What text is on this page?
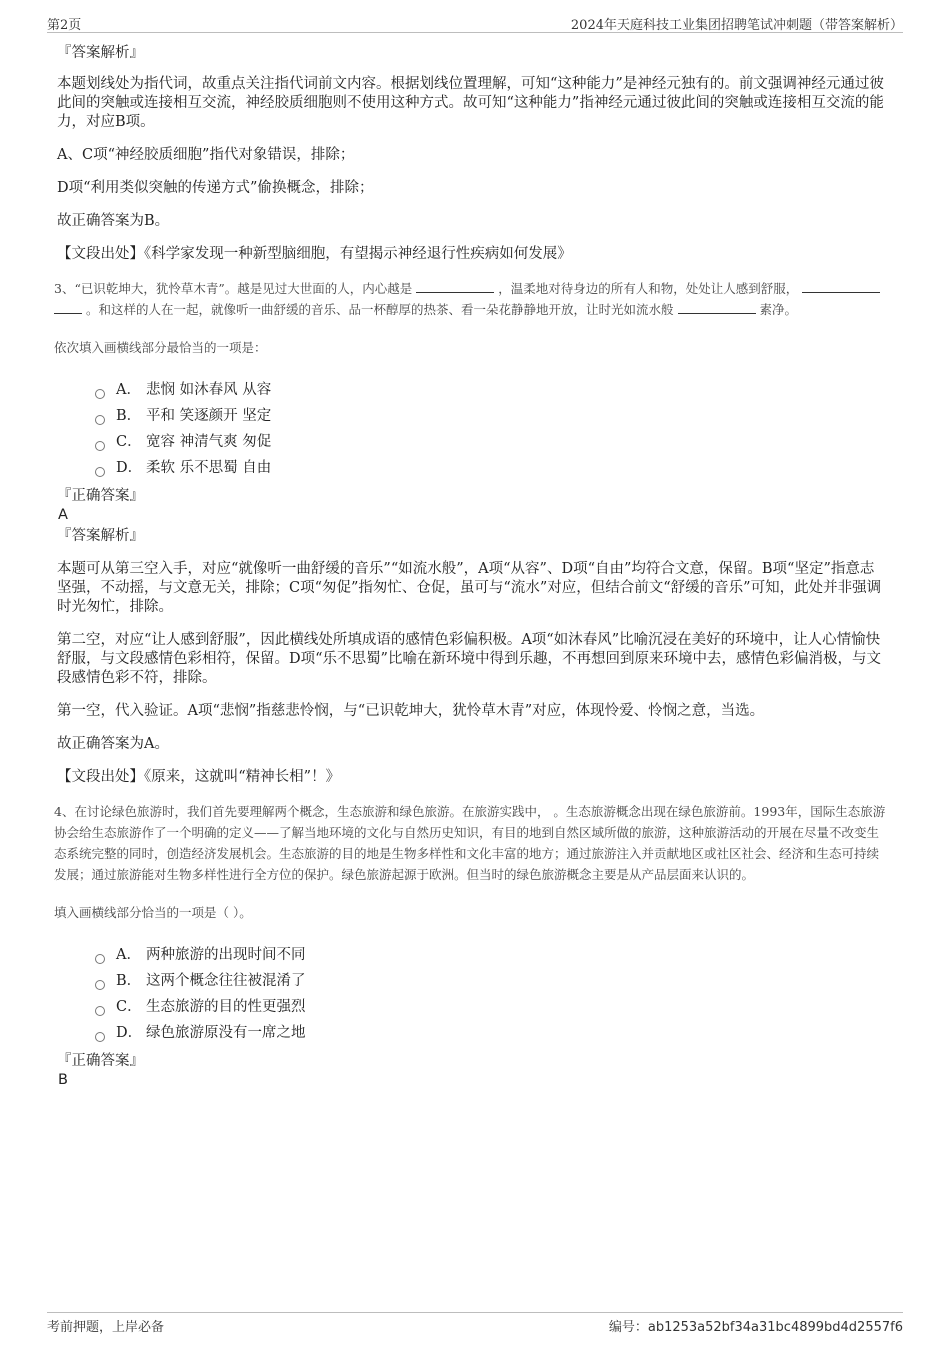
第2页	2024年天庭科技工业集团招聘笔试冲刺题（带答案解析）

『答案解析』

本题划线处为指代词，故重点关注指代词前文内容。根据划线位置理解，可知“这种能力”是神经元独有的。前文强调神经元通过彼此间的突触或连接相互交流，神经胶质细胞则不使用这种方式。故可知“这种能力”指神经元通过彼此间的突触或连接相互交流的能力，对应B项。

A、C项“神经胶质细胞”指代对象错误，排除；

D项“利用类似突触的传递方式”偷换概念，排除；

故正确答案为B。

【文段出处】《科学家发现一种新型脑细胞，有望揭示神经退行性疾病如何发展》

3、“已识乾坤大，犹怜草木青”。越是见过大世面的人，内心越是	，温柔地对待身边的所有人和物，处处让人感到舒服，。和这样的人在一起，就像听一曲舒缓的音乐、品一杯醇厚的热茶、看一朵花静静地开放，让时光如流水般	素净。

依次填入画横线部分最恰当的一项是：

A． 悲悯 如沐春风 从容
B． 平和 笑逐颜开 坚定
C． 宽容 神清气爽 匆促
D． 柔软 乐不思蜀 自由

『正确答案』

A

『答案解析』

本题可从第三空入手，对应“就像听一曲舒缓的音乐”“如流水般”，A项“从容”、D项“自由”均符合文意，保留。B项“坚定”指意志坚强，不动摇，与文意无关，排除；C项“匆促”指匆忙、仓促，虽可与“流水”对应，但结合前文“舒缓的音乐”可知，此处并非强调时光匆忙，排除。

第二空，对应“让人感到舒服”，因此横线处所填成语的感情色彩偏积极。A项“如沐春风”比喻沉浸在美好的环境中，让人心情愉快舒服，与文段感情色彩相符，保留。D项“乐不思蜀”比喻在新环境中得到乐趣，不再想回到原来环境中去，感情色彩偏消极，与文段感情色彩不符，排除。

第一空，代入验证。A项“悲悯”指慈悲怜悯，与“已识乾坤大，犹怜草木青”对应，体现怜爱、怜悯之意，当选。

故正确答案为A。

【文段出处】《原来，这就叫“精神长相”！》

4、在讨论绿色旅游时，我们首先要理解两个概念，生态旅游和绿色旅游。在旅游实践中， 。生态旅游概念出现在绿色旅游前。1993年，国际生态旅游协会给生态旅游作了一个明确的定义——了解当地环境的文化与自然历史知识，有目的地到自然区域所做的旅游，这种旅游活动的开展在尽量不改变生态系统完整的同时，创造经济发展机会。生态旅游的目的地是生物多样性和文化丰富的地方；通过旅游注入并贡献地区或社区社会、经济和生态可持续发展；通过旅游能对生物多样性进行全方位的保护。绿色旅游起源于欧洲。但当时的绿色旅游概念主要是从产品层面来认识的。

填入画横线部分恰当的一项是（ ）。

A． 两种旅游的出现时间不同
B． 这两个概念往往被混淆了
C． 生态旅游的目的性更强烈
D． 绿色旅游原没有一席之地

『正确答案』

B

考前押题，上岸必备	编号：ab1253a52bf34a31bc4899bd4d2557f6
